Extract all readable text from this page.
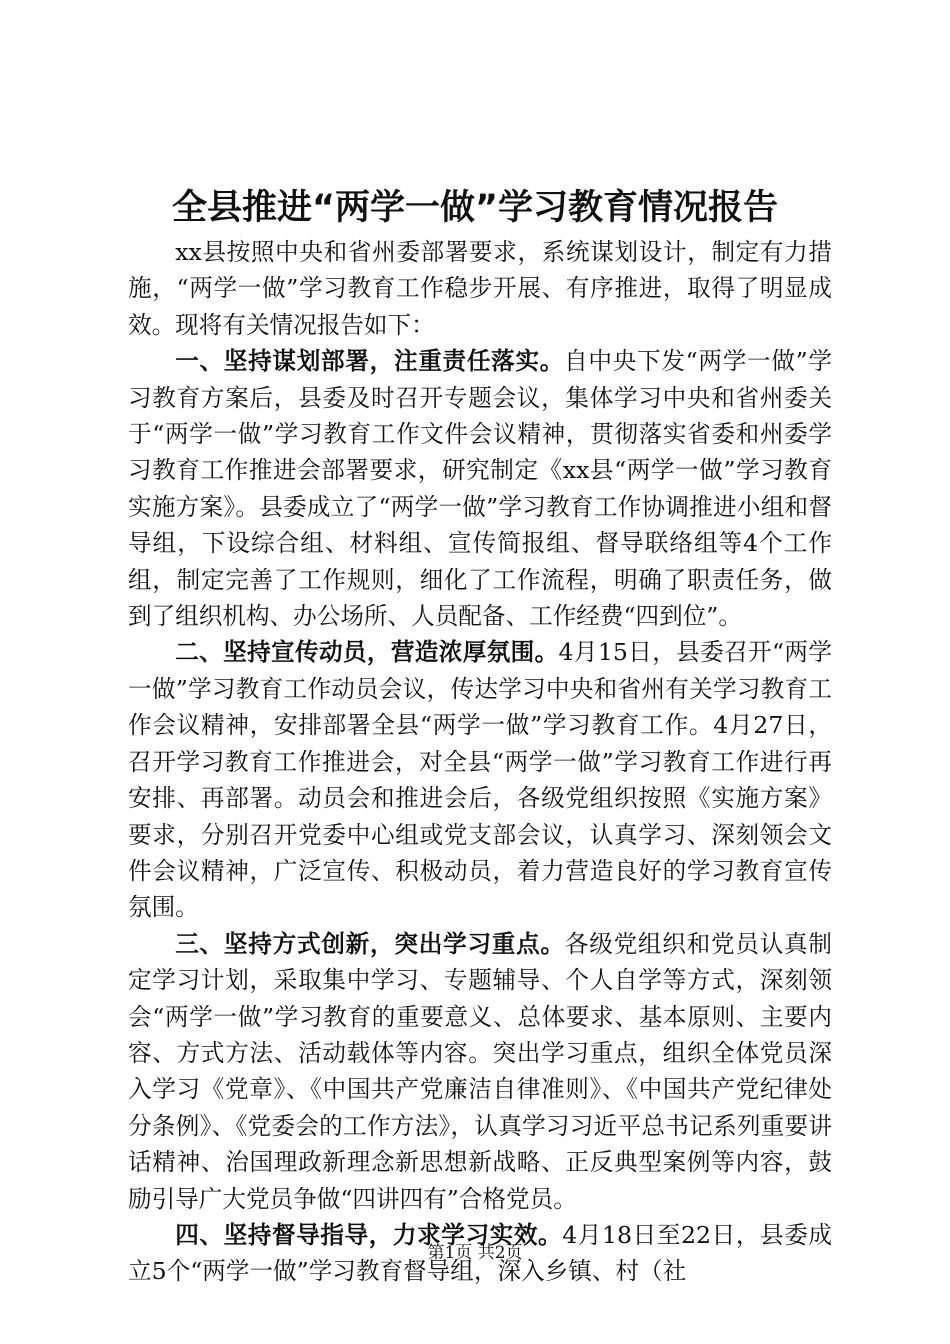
全县推进“两学一做”学习教育情况报告

xx县按照中央和省州委部署要求，系统谋划设计，制定有力措施，“两学一做”学习教育工作稳步开展、有序推进，取得了明显成效。现将有关情况报告如下：

一、坚持谋划部署，注重责任落实。自中央下发“两学一做”学习教育方案后，县委及时召开专题会议，集体学习中央和省州委关于“两学一做”学习教育工作文件会议精神，贯彻落实省委和州委学习教育工作推进会部署要求，研究制定《xx县“两学一做”学习教育实施方案》。县委成立了“两学一做”学习教育工作协调推进小组和督导组，下设综合组、材料组、宣传简报组、督导联络组等4个工作组，制定完善了工作规则，细化了工作流程，明确了职责任务，做到了组织机构、办公场所、人员配备、工作经费“四到位”。

二、坚持宣传动员，营造浓厚氛围。4月15日，县委召开“两学一做”学习教育工作动员会议，传达学习中央和省州有关学习教育工作会议精神，安排部署全县“两学一做”学习教育工作。4月27日，召开学习教育工作推进会，对全县“两学一做”学习教育工作进行再安排、再部署。动员会和推进会后，各级党组织按照《实施方案》要求，分别召开党委中心组或党支部会议，认真学习、深刻领会文件会议精神，广泛宣传、积极动员，着力营造良好的学习教育宣传氛围。

三、坚持方式创新，突出学习重点。各级党组织和党员认真制定学习计划，采取集中学习、专题辅导、个人自学等方式，深刻领会“两学一做”学习教育的重要意义、总体要求、基本原则、主要内容、方式方法、活动载体等内容。突出学习重点，组织全体党员深入学习《党章》、《中国共产党廉洁自律准则》、《中国共产党纪律处分条例》、《党委会的工作方法》，认真学习习近平总书记系列重要讲话精神、治国理政新理念新思想新战略、正反典型案例等内容，鼓励引导广大党员争做“四讲四有”合格党员。

四、坚持督导指导，力求学习实效。4月18日至22日，县委成立5个“两学一做”学习教育督导组，深入乡镇、村（社

第1页 共2页
